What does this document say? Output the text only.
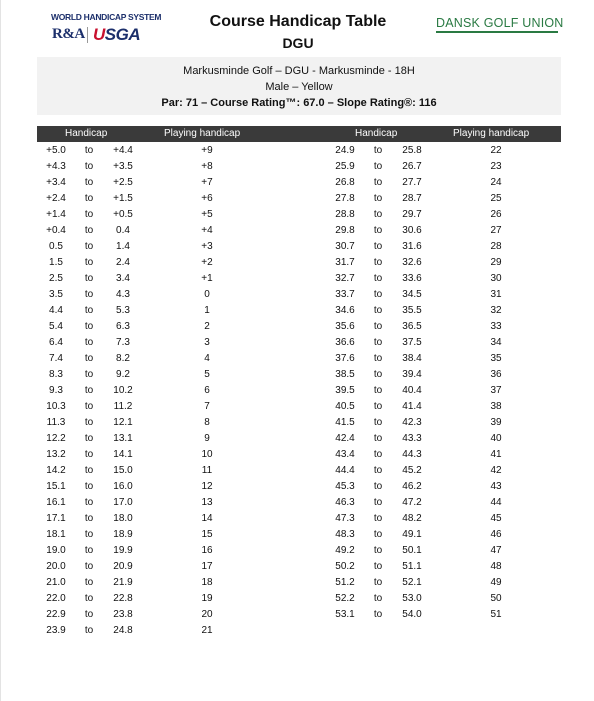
WORLD HANDICAP SYSTEM
R&A USGA
Course Handicap Table
DGU
DANSK GOLF UNION
Markusminde Golf – DGU - Markusminde - 18H
Male – Yellow
Par: 71 – Course Rating™: 67.0 – Slope Rating®: 116
Handicap	Playing handicap	Handicap	Playing handicap
+5.0	to	+4.4	+9
+4.3	to	+3.5	+8
+3.4	to	+2.5	+7
+2.4	to	+1.5	+6
+1.4	to	+0.5	+5
+0.4	to	0.4	+4
0.5	to	1.4	+3
1.5	to	2.4	+2
2.5	to	3.4	+1
3.5	to	4.3	0
4.4	to	5.3	1
5.4	to	6.3	2
6.4	to	7.3	3
7.4	to	8.2	4
8.3	to	9.2	5
9.3	to	10.2	6
10.3	to	11.2	7
11.3	to	12.1	8
12.2	to	13.1	9
13.2	to	14.1	10
14.2	to	15.0	11
15.1	to	16.0	12
16.1	to	17.0	13
17.1	to	18.0	14
18.1	to	18.9	15
19.0	to	19.9	16
20.0	to	20.9	17
21.0	to	21.9	18
22.0	to	22.8	19
22.9	to	23.8	20
23.9	to	24.8	21
24.9	to	25.8	22
25.9	to	26.7	23
26.8	to	27.7	24
27.8	to	28.7	25
28.8	to	29.7	26
29.8	to	30.6	27
30.7	to	31.6	28
31.7	to	32.6	29
32.7	to	33.6	30
33.7	to	34.5	31
34.6	to	35.5	32
35.6	to	36.5	33
36.6	to	37.5	34
37.6	to	38.4	35
38.5	to	39.4	36
39.5	to	40.4	37
40.5	to	41.4	38
41.5	to	42.3	39
42.4	to	43.3	40
43.4	to	44.3	41
44.4	to	45.2	42
45.3	to	46.2	43
46.3	to	47.2	44
47.3	to	48.2	45
48.3	to	49.1	46
49.2	to	50.1	47
50.2	to	51.1	48
51.2	to	52.1	49
52.2	to	53.0	50
53.1	to	54.0	51
